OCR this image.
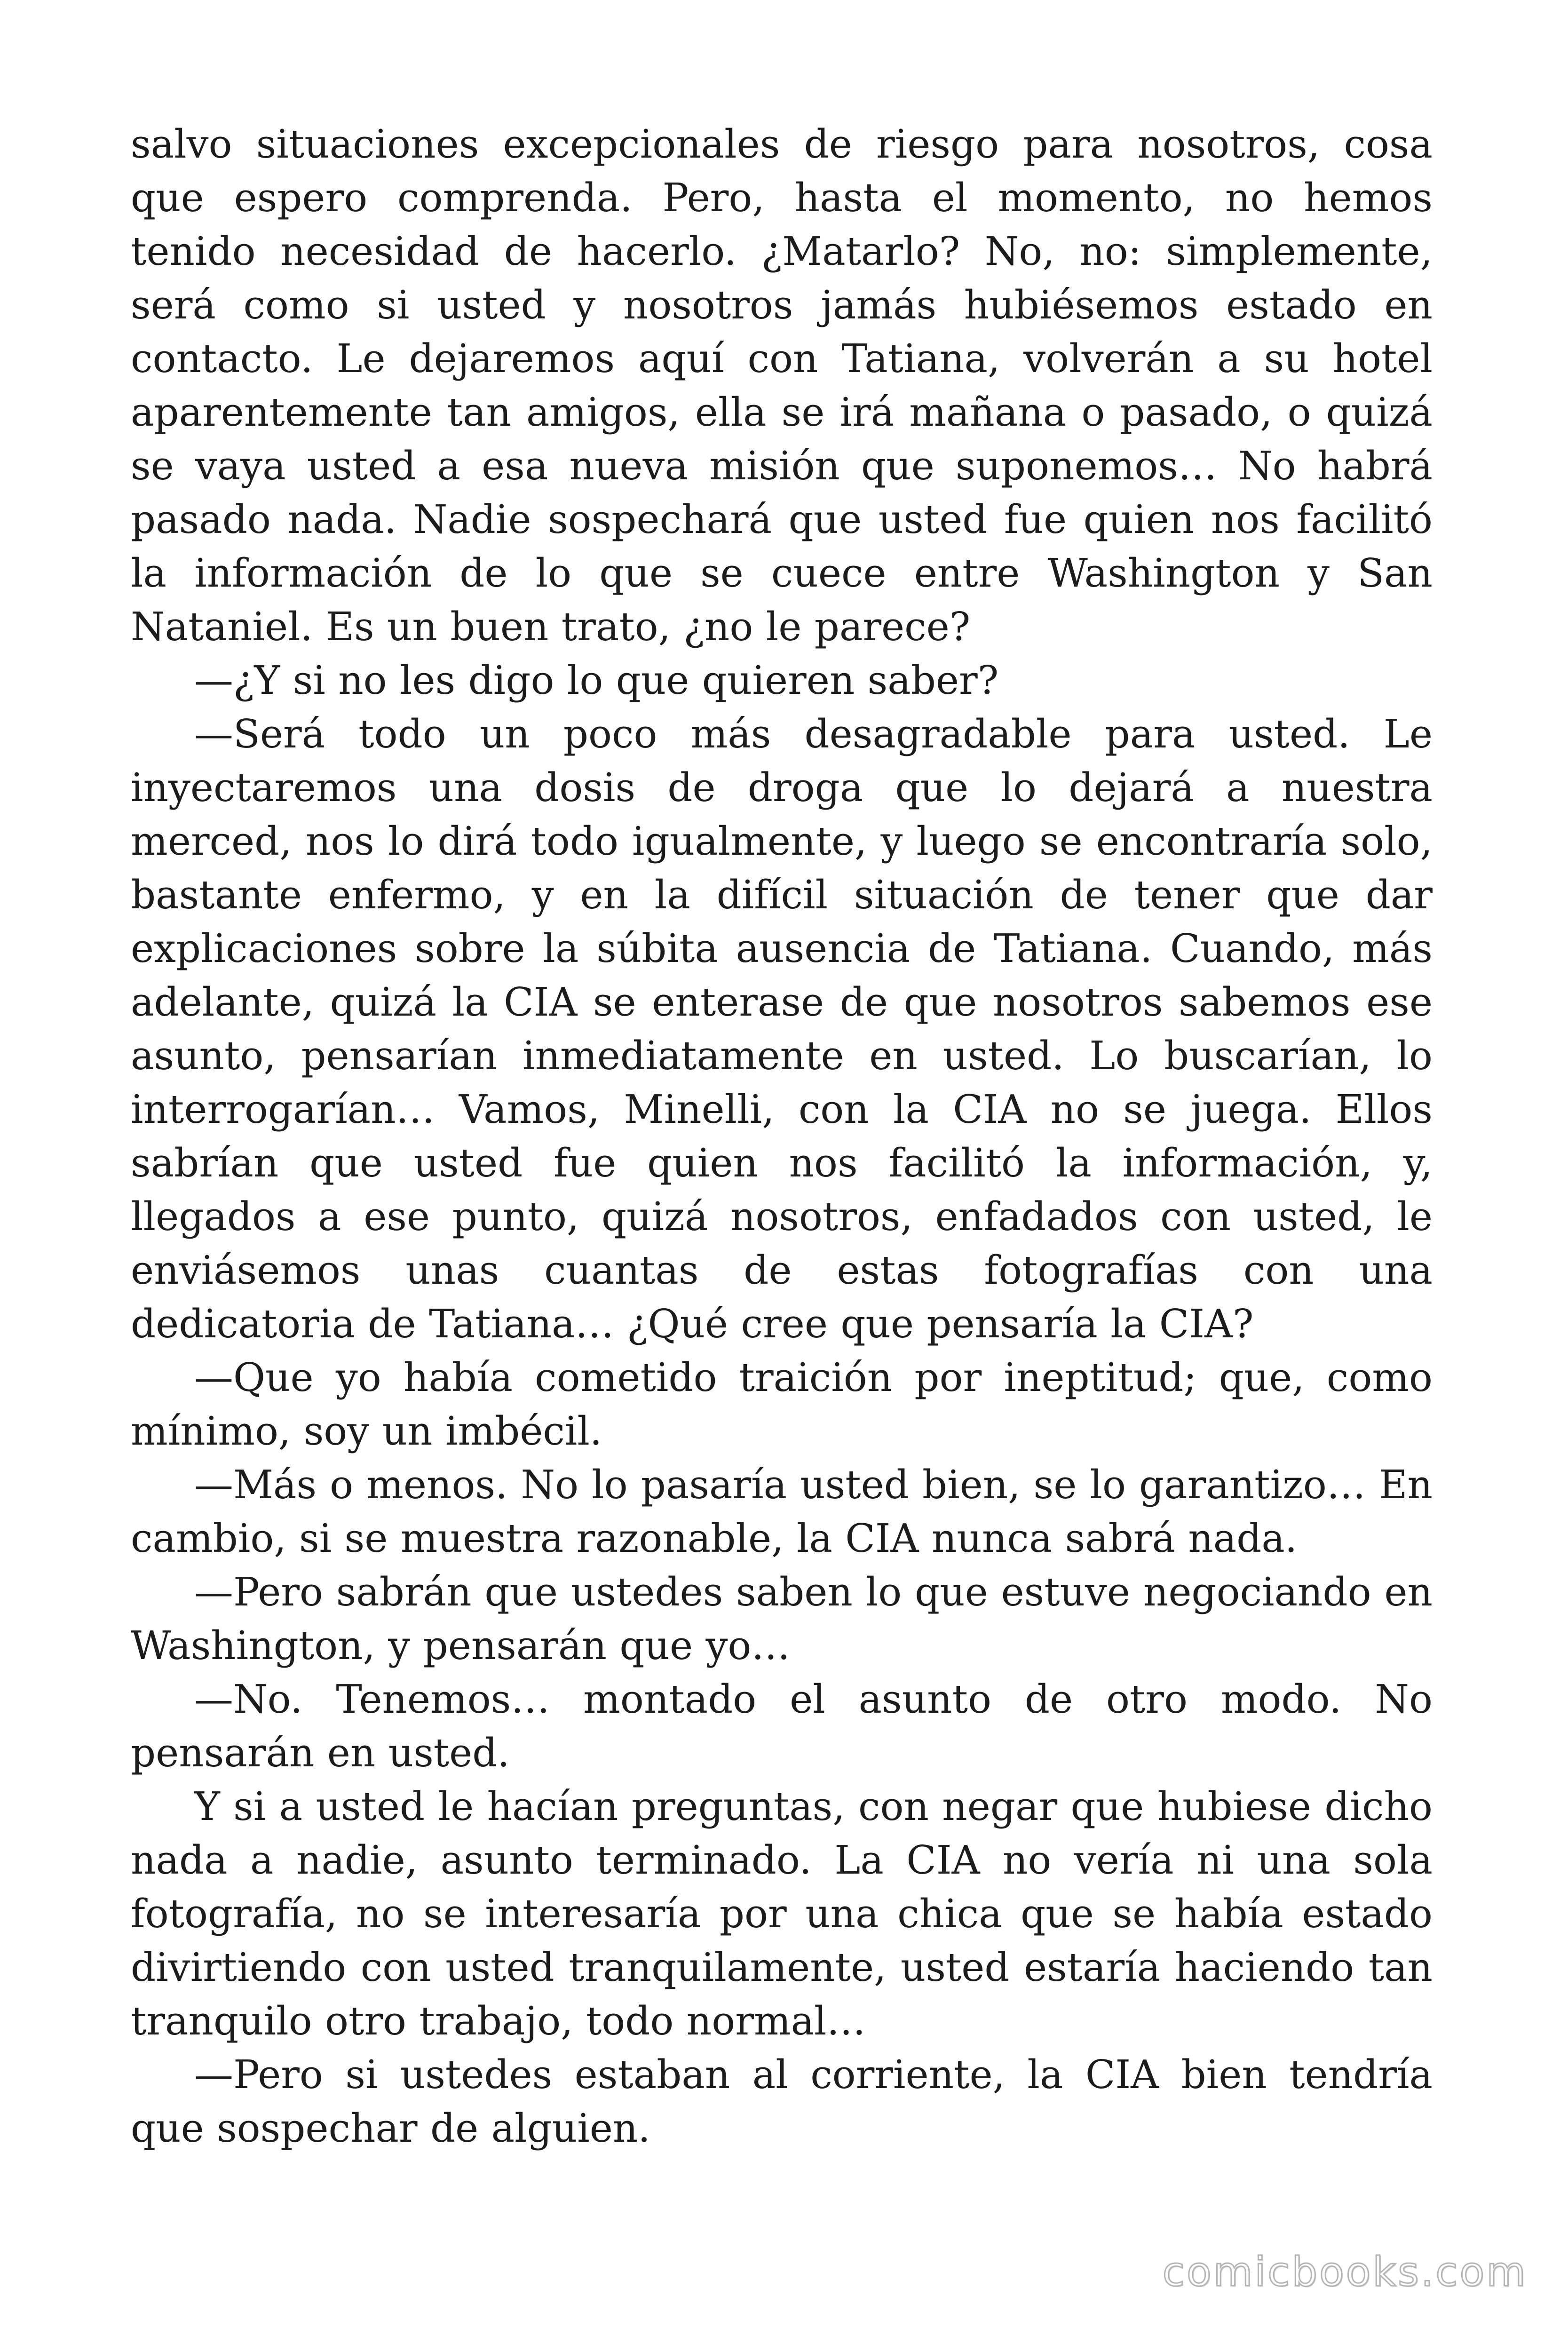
salvo situaciones excepcionales de riesgo para nosotros, cosa que espero comprenda. Pero, hasta el momento, no hemos tenido necesidad de hacerlo. ¿Matarlo? No, no: simplemente, será como si usted y nosotros jamás hubiésemos estado en contacto. Le dejaremos aquí con Tatiana, volverán a su hotel aparentemente tan amigos, ella se irá mañana o pasado, o quizá se vaya usted a esa nueva misión que suponemos… No habrá pasado nada. Nadie sospechará que usted fue quien nos facilitó la información de lo que se cuece entre Washington y San Nataniel. Es un buen trato, ¿no le parece?

—¿Y si no les digo lo que quieren saber?

—Será todo un poco más desagradable para usted. Le inyectaremos una dosis de droga que lo dejará a nuestra merced, nos lo dirá todo igualmente, y luego se encontraría solo, bastante enfermo, y en la difícil situación de tener que dar explicaciones sobre la súbita ausencia de Tatiana. Cuando, más adelante, quizá la CIA se enterase de que nosotros sabemos ese asunto, pensarían inmediatamente en usted. Lo buscarían, lo interrogarían… Vamos, Minelli, con la CIA no se juega. Ellos sabrían que usted fue quien nos facilitó la información, y, llegados a ese punto, quizá nosotros, enfadados con usted, le enviásemos unas cuantas de estas fotografías con una dedicatoria de Tatiana… ¿Qué cree que pensaría la CIA?

—Que yo había cometido traición por ineptitud; que, como mínimo, soy un imbécil.

—Más o menos. No lo pasaría usted bien, se lo garantizo… En cambio, si se muestra razonable, la CIA nunca sabrá nada.

—Pero sabrán que ustedes saben lo que estuve negociando en Washington, y pensarán que yo…

—No. Tenemos… montado el asunto de otro modo. No pensarán en usted.

Y si a usted le hacían preguntas, con negar que hubiese dicho nada a nadie, asunto terminado. La CIA no vería ni una sola fotografía, no se interesaría por una chica que se había estado divirtiendo con usted tranquilamente, usted estaría haciendo tan tranquilo otro trabajo, todo normal…

—Pero si ustedes estaban al corriente, la CIA bien tendría que sospechar de alguien.

comicbooks.com
